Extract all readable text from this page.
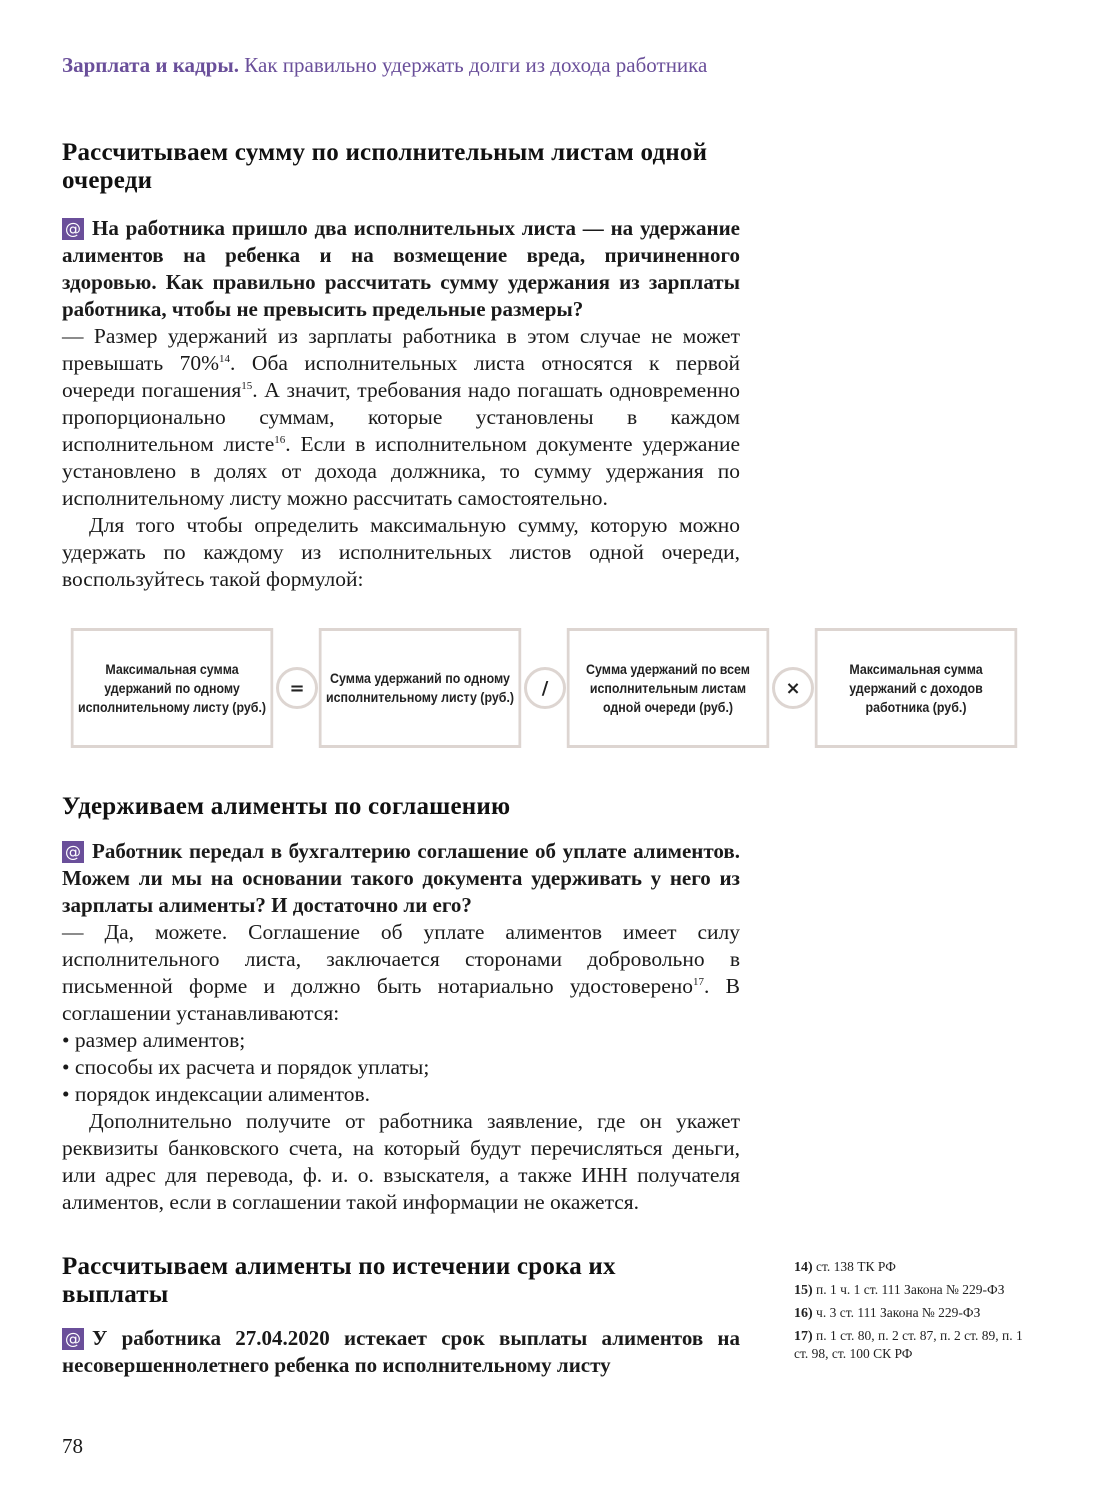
Зарплата и кадры. Как правильно удержать долги из дохода работника
Рассчитываем сумму по исполнительным листам одной очереди

@ На работника пришло два исполнительных листа — на удержание алиментов на ребенка и на возмещение вреда, причиненного здоровью. Как правильно рассчитать сумму удержания из зарплаты работника, чтобы не превысить предельные размеры?

— Размер удержаний из зарплаты работника в этом случае не может превышать 70%$^{14}$. Оба исполнительных листа относятся к первой очереди погашения$^{15}$. А значит, требования надо погашать одновременно пропорционально суммам, которые установлены в каждом исполнительном листе$^{16}$. Если в исполнительном документе удержание установлено в долях от дохода должника, то сумму удержания по исполнительному листу можно рассчитать самостоятельно.

Для того чтобы определить максимальную сумму, которую можно удержать по каждому из исполнительных листов одной очереди, воспользуйтесь такой формулой:

Максимальная сумма удержаний по одному исполнительному листу (руб.)
=	Сумма удержаний по одному исполнительному листу (руб.)	/
Сумма удержаний по всем исполнительным листам одной очереди (руб.)
×
Максимальная сумма удержаний с доходов работника (руб.)
Удерживаем алименты по соглашению

@ Работник передал в бухгалтерию соглашение об уплате алиментов. Можем ли мы на основании такого документа удерживать у него из зарплаты алименты? И достаточно ли его?

— Да, можете. Соглашение об уплате алиментов имеет силу исполнительного листа, заключается сторонами добровольно в письменной форме и должно быть нотариально удостоверено$^{17}$. В соглашении устанавливаются:

• размер алиментов;
• способы их расчета и порядок уплаты;
• порядок индексации алиментов.

Дополнительно получите от работника заявление, где он укажет реквизиты банковского счета, на который будут перечисляться деньги, или адрес для перевода, ф. и. о. взыскателя, а также ИНН получателя алиментов, если в соглашении такой информации не окажется.

Рассчитываем алименты по истечении срока их выплаты

@ У работника 27.04.2020 истекает срок выплаты алиментов на несовершеннолетнего ребенка по исполнительному листу

14) ст. 138 ТК РФ
15) п. 1 ч. 1 ст. 111 Закона № 229-ФЗ
16) ч. 3 ст. 111 Закона № 229-ФЗ
17) п. 1 ст. 80, п. 2 ст. 87, п. 2 ст. 89, п. 1 ст. 98, ст. 100 СК РФ
78
